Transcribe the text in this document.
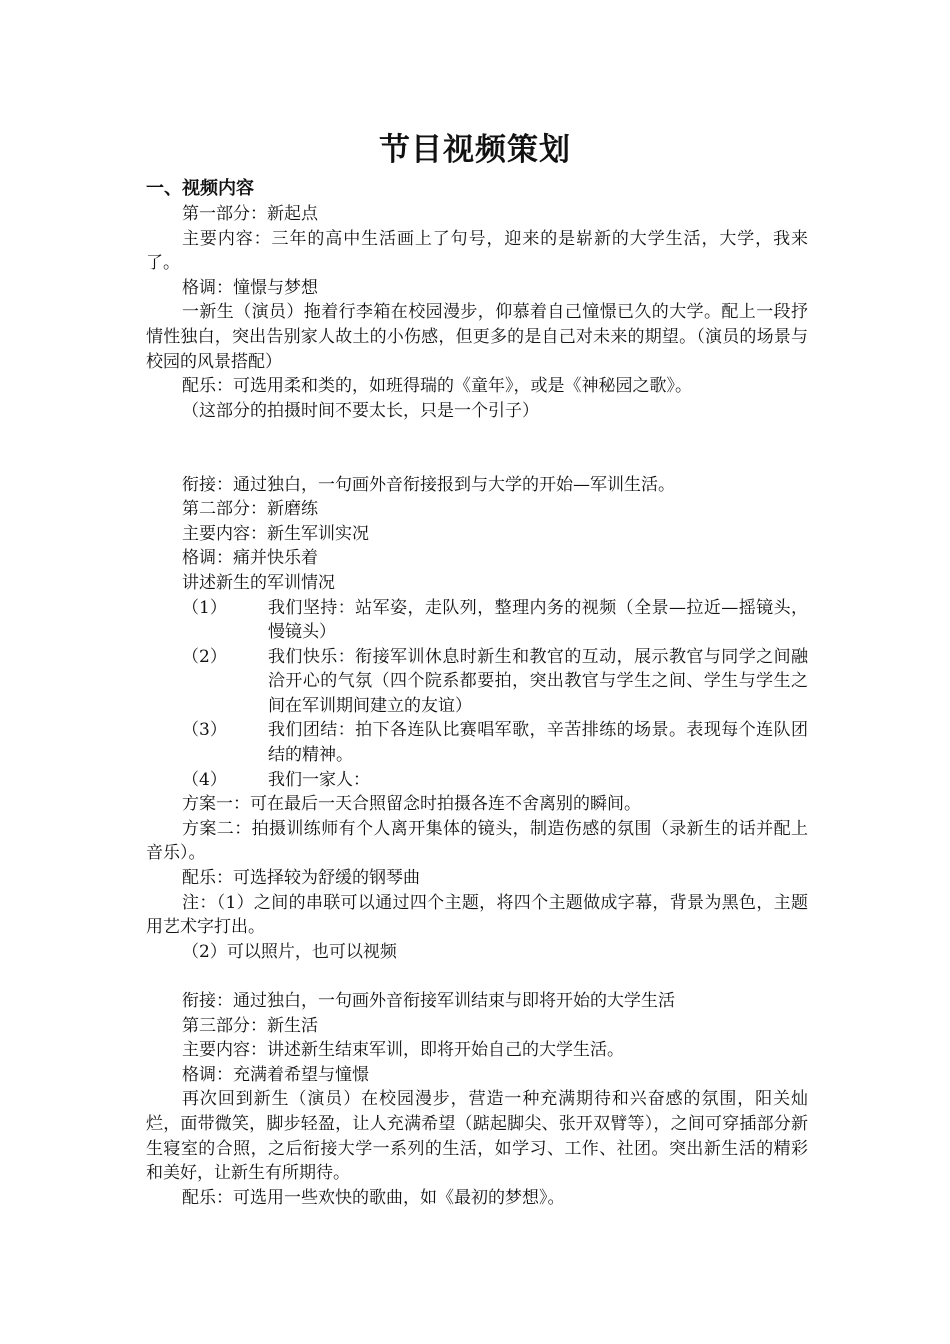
节目视频策划
一、视频内容

第一部分：新起点

主要内容：三年的高中生活画上了句号，迎来的是崭新的大学生活，大学，我来了。

格调：憧憬与梦想

一新生（演员）拖着行李箱在校园漫步，仰慕着自己憧憬已久的大学。配上一段抒情性独白，突出告别家人故土的小伤感，但更多的是自己对未来的期望。（演员的场景与校园的风景搭配）

配乐：可选用柔和类的，如班得瑞的《童年》，或是《神秘园之歌》。

（这部分的拍摄时间不要太长，只是一个引子）

衔接：通过独白，一句画外音衔接报到与大学的开始—军训生活。

第二部分：新磨练

主要内容：新生军训实况

格调：痛并快乐着

讲述新生的军训情况

（1）	我们坚持：站军姿，走队列，整理内务的视频（全景—拉近—摇镜头，慢镜头）
（2）	我们快乐：衔接军训休息时新生和教官的互动，展示教官与同学之间融洽开心的气氛（四个院系都要拍，突出教官与学生之间、学生与学生之间在军训期间建立的友谊）
（3）	我们团结：拍下各连队比赛唱军歌，辛苦排练的场景。表现每个连队团结的精神。
（4）	我们一家人：

方案一：可在最后一天合照留念时拍摄各连不舍离别的瞬间。

方案二：拍摄训练师有个人离开集体的镜头，制造伤感的氛围（录新生的话并配上音乐）。

配乐：可选择较为舒缓的钢琴曲

注：（1）之间的串联可以通过四个主题，将四个主题做成字幕，背景为黑色，主题用艺术字打出。

（2）可以照片，也可以视频

衔接：通过独白，一句画外音衔接军训结束与即将开始的大学生活

第三部分：新生活

主要内容：讲述新生结束军训，即将开始自己的大学生活。

格调：充满着希望与憧憬

再次回到新生（演员）在校园漫步，营造一种充满期待和兴奋感的氛围，阳关灿烂，面带微笑，脚步轻盈，让人充满希望（踮起脚尖、张开双臂等），之间可穿插部分新生寝室的合照，之后衔接大学一系列的生活，如学习、工作、社团。突出新生活的精彩和美好，让新生有所期待。

配乐：可选用一些欢快的歌曲，如《最初的梦想》。
